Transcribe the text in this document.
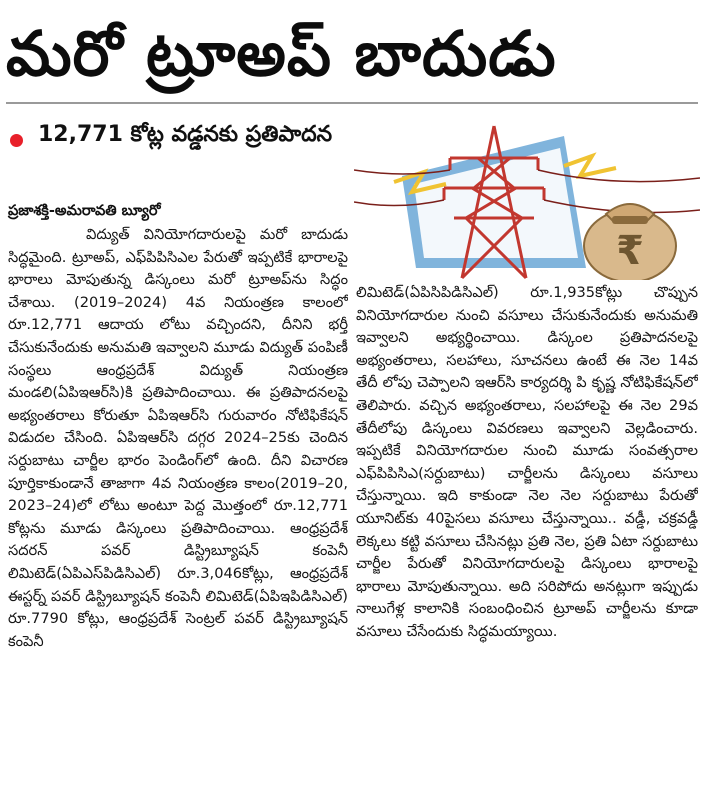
మరో ట్రూఅప్ బాదుడు
12,771 కోట్ల వడ్డనకు ప్రతిపాదన
ప్రజాశక్తి-అమరావతి బ్యూరో

విద్యుత్ వినియోగదారులపై మరో బాదుడు సిద్ధమైంది. ట్రూఅప్, ఎఫ్‌పిపిసిఎల పేరుతో ఇప్పటికే భారాలపై భారాలు మోపుతున్న డిస్కంలు మరో ట్రూఅప్‌ను సిద్ధం చేశాయి. (2019–2024) 4వ నియంత్రణ కాలంలో రూ.12,771 ఆదాయ లోటు వచ్చిందని, దీనిని భర్తీ చేసుకునేందుకు అనుమతి ఇవ్వాలని మూడు విద్యుత్ పంపిణీ సంస్థలు ఆంధ్రప్రదేశ్ విద్యుత్ నియంత్రణ మండలి(ఏపిఇఆర్‌సి)కి ప్రతిపాదించాయి. ఈ ప్రతిపాదనలపై అభ్యంతరాలు కోరుతూ ఏపిఇఆర్‌సి గురువారం నోటిఫికేషన్ విడుదల చేసింది. ఏపిఇఆర్‌సి దగ్గర 2024–25కు చెందిన సర్దుబాటు చార్జీల భారం పెండింగ్‌లో ఉంది. దీని విచారణ పూర్తికాకుండానే తాజాగా 4వ నియంత్రణ కాలం(2019–20, 2023–24)లో లోటు అంటూ పెద్ద మొత్తంలో రూ.12,771 కోట్లను మూడు డిస్కంలు ప్రతిపాదించాయి. ఆంధ్రప్రదేశ్ సదరన్ పవర్ డిస్ట్రిబ్యూషన్ కంపెనీ లిమిటెడ్(ఏపిఎస్‌పిడిసిఎల్) రూ.3,046కోట్లు, ఆంధ్రప్రదేశ్ ఈస్టర్న్ పవర్ డిస్ట్రిబ్యూషన్ కంపెనీ లిమిటెడ్(ఏపిఇపిడిసిఎల్) రూ.7790 కోట్లు, ఆంధ్రప్రదేశ్ సెంట్రల్ పవర్ డిస్ట్రిబ్యూషన్ కంపెనీ

₹

లిమిటెడ్(ఏపిసిపిడిసిఎల్) రూ.1,935కోట్లు చొప్పున వినియోగదారుల నుంచి వసూలు చేసుకునేందుకు అనుమతి ఇవ్వాలని అభ్యర్థించాయి. డిస్కంల ప్రతిపాదనలపై అభ్యంతరాలు, సలహాలు, సూచనలు ఉంటే ఈ నెల 14వ తేదీ లోపు చెప్పాలని ఇఆర్‌సి కార్యదర్శి పి కృష్ణ నోటిఫికేషన్‌లో తెలిపారు. వచ్చిన అభ్యంతరాలు, సలహాలపై ఈ నెల 29వ తేదీలోపు డిస్కంలు వివరణలు ఇవ్వాలని వెల్లడించారు. ఇప్పటికే వినియోగదారుల నుంచి మూడు సంవత్సరాల ఎఫ్‌పిపిసిఎ(సర్దుబాటు) చార్జీలను డిస్కంలు వసూలు చేస్తున్నాయి. ఇది కాకుండా నెల నెల సర్దుబాటు పేరుతో యూనిట్‌కు 40పైసలు వసూలు చేస్తున్నాయి.. వడ్డీ, చక్రవడ్డీ లెక్కలు కట్టి వసూలు చేసినట్లు ప్రతి నెల, ప్రతి ఏటా సర్దుబాటు చార్జీల పేరుతో వినియోగదారులపై డిస్కంలు భారాలపై భారాలు మోపుతున్నాయి. అది సరిపోదు అనట్లుగా ఇప్పుడు నాలుగేళ్ల కాలానికి సంబంధించిన ట్రూఅప్ చార్జీలను కూడా వసూలు చేసేందుకు సిద్ధమయ్యాయి.
